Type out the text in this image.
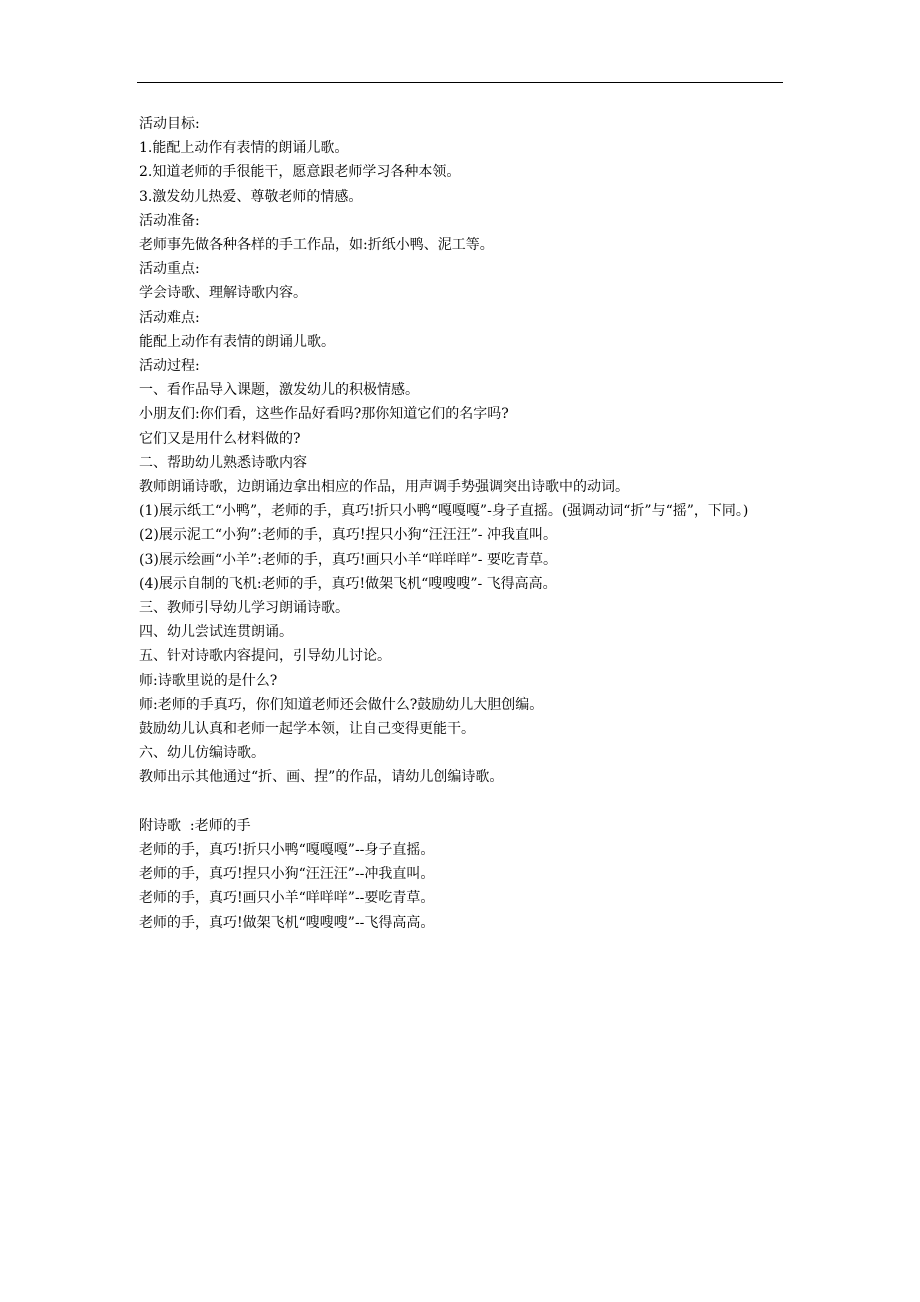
活动目标:

1.能配上动作有表情的朗诵儿歌。

2.知道老师的手很能干，愿意跟老师学习各种本领。

3.激发幼儿热爱、尊敬老师的情感。

活动准备:

老师事先做各种各样的手工作品，如:折纸小鸭、泥工等。

活动重点:

学会诗歌、理解诗歌内容。

活动难点:

能配上动作有表情的朗诵儿歌。

活动过程:

一、看作品导入课题，激发幼儿的积极情感。

小朋友们:你们看，这些作品好看吗?那你知道它们的名字吗?

它们又是用什么材料做的?

二、帮助幼儿熟悉诗歌内容

教师朗诵诗歌，边朗诵边拿出相应的作品，用声调手势强调突出诗歌中的动词。

(1)展示纸工“小鸭”，老师的手，真巧!折只小鸭“嘎嘎嘎”-身子直摇。(强调动词“折”与“摇”，下同。)

(2)展示泥工“小狗”:老师的手，真巧!捏只小狗“汪汪汪”- 冲我直叫。

(3)展示绘画“小羊”:老师的手，真巧!画只小羊“咩咩咩”- 要吃青草。

(4)展示自制的飞机:老师的手，真巧!做架飞机“嗖嗖嗖”- 飞得高高。

三、教师引导幼儿学习朗诵诗歌。

四、幼儿尝试连贯朗诵。

五、针对诗歌内容提问，引导幼儿讨论。

师:诗歌里说的是什么?

师:老师的手真巧，你们知道老师还会做什么?鼓励幼儿大胆创编。

鼓励幼儿认真和老师一起学本领，让自己变得更能干。

六、幼儿仿编诗歌。

教师出示其他通过“折、画、捏”的作品，请幼儿创编诗歌。

附诗歌  :老师的手

老师的手，真巧!折只小鸭“嘎嘎嘎”--身子直摇。

老师的手，真巧!捏只小狗“汪汪汪”--冲我直叫。

老师的手，真巧!画只小羊“咩咩咩”--要吃青草。

老师的手，真巧!做架飞机“嗖嗖嗖”--飞得高高。
